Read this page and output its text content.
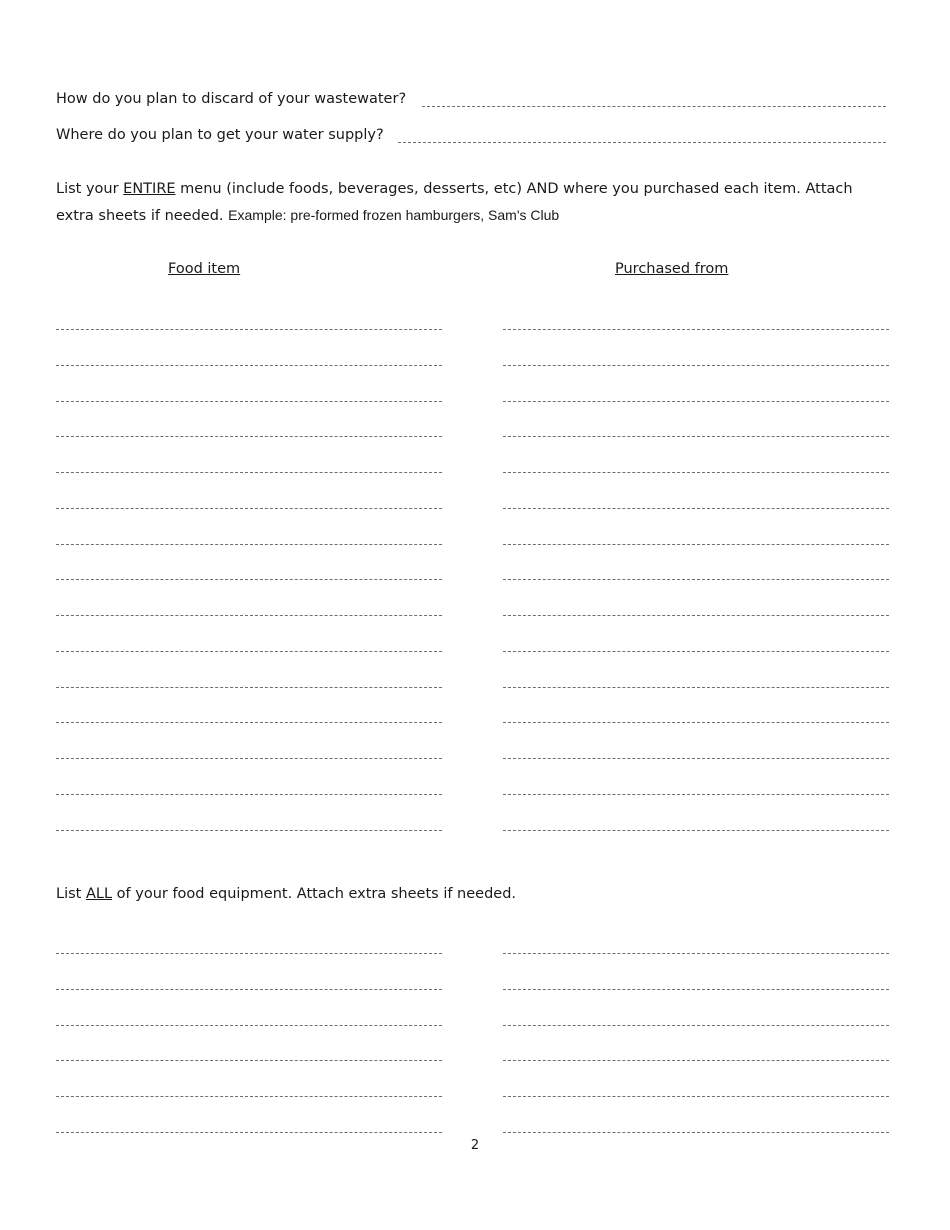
How do you plan to discard of your wastewater?
Where do you plan to get your water supply?
List your ENTIRE menu (include foods, beverages, desserts, etc) AND where you purchased each item. Attach
extra sheets if needed. Example: pre-formed frozen hamburgers, Sam's Club
Food item	Purchased from
List ALL of your food equipment. Attach extra sheets if needed.
2
